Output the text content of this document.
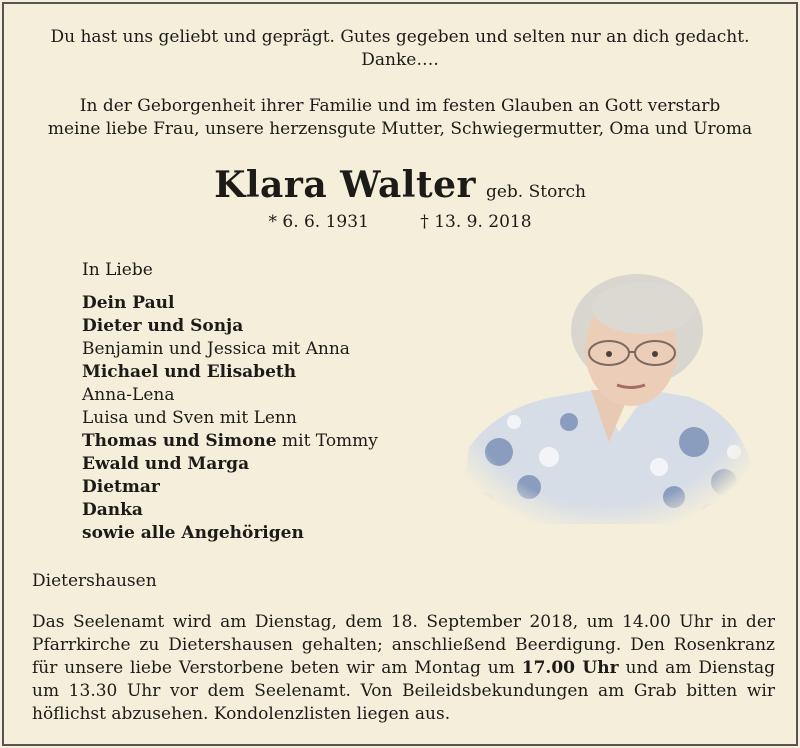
Du hast uns geliebt und geprägt. Gutes gegeben und selten nur an dich gedacht.
Danke….
In der Geborgenheit ihrer Familie und im festen Glauben an Gott verstarb
meine liebe Frau, unsere herzensgute Mutter, Schwiegermutter, Oma und Uroma
Klara Walter geb. Storch
* 6. 6. 1931	† 13. 9. 2018
In Liebe
Dein Paul
Dieter und Sonja
Benjamin und Jessica mit Anna
Michael und Elisabeth
Anna-Lena
Luisa und Sven mit Lenn
Thomas und Simone mit Tommy
Ewald und Marga
Dietmar
Danka
sowie alle Angehörigen
Dietershausen
Das Seelenamt wird am Dienstag, dem 18. September 2018, um 14.00 Uhr in der Pfarrkirche zu Dietershausen gehalten; anschließend Beerdigung. Den Rosenkranz für unsere liebe Verstorbene beten wir am Montag um 17.00 Uhr und am Dienstag um 13.30 Uhr vor dem Seelenamt. Von Beileidsbekundungen am Grab bitten wir höflichst abzusehen. Kondolenzlisten liegen aus.
